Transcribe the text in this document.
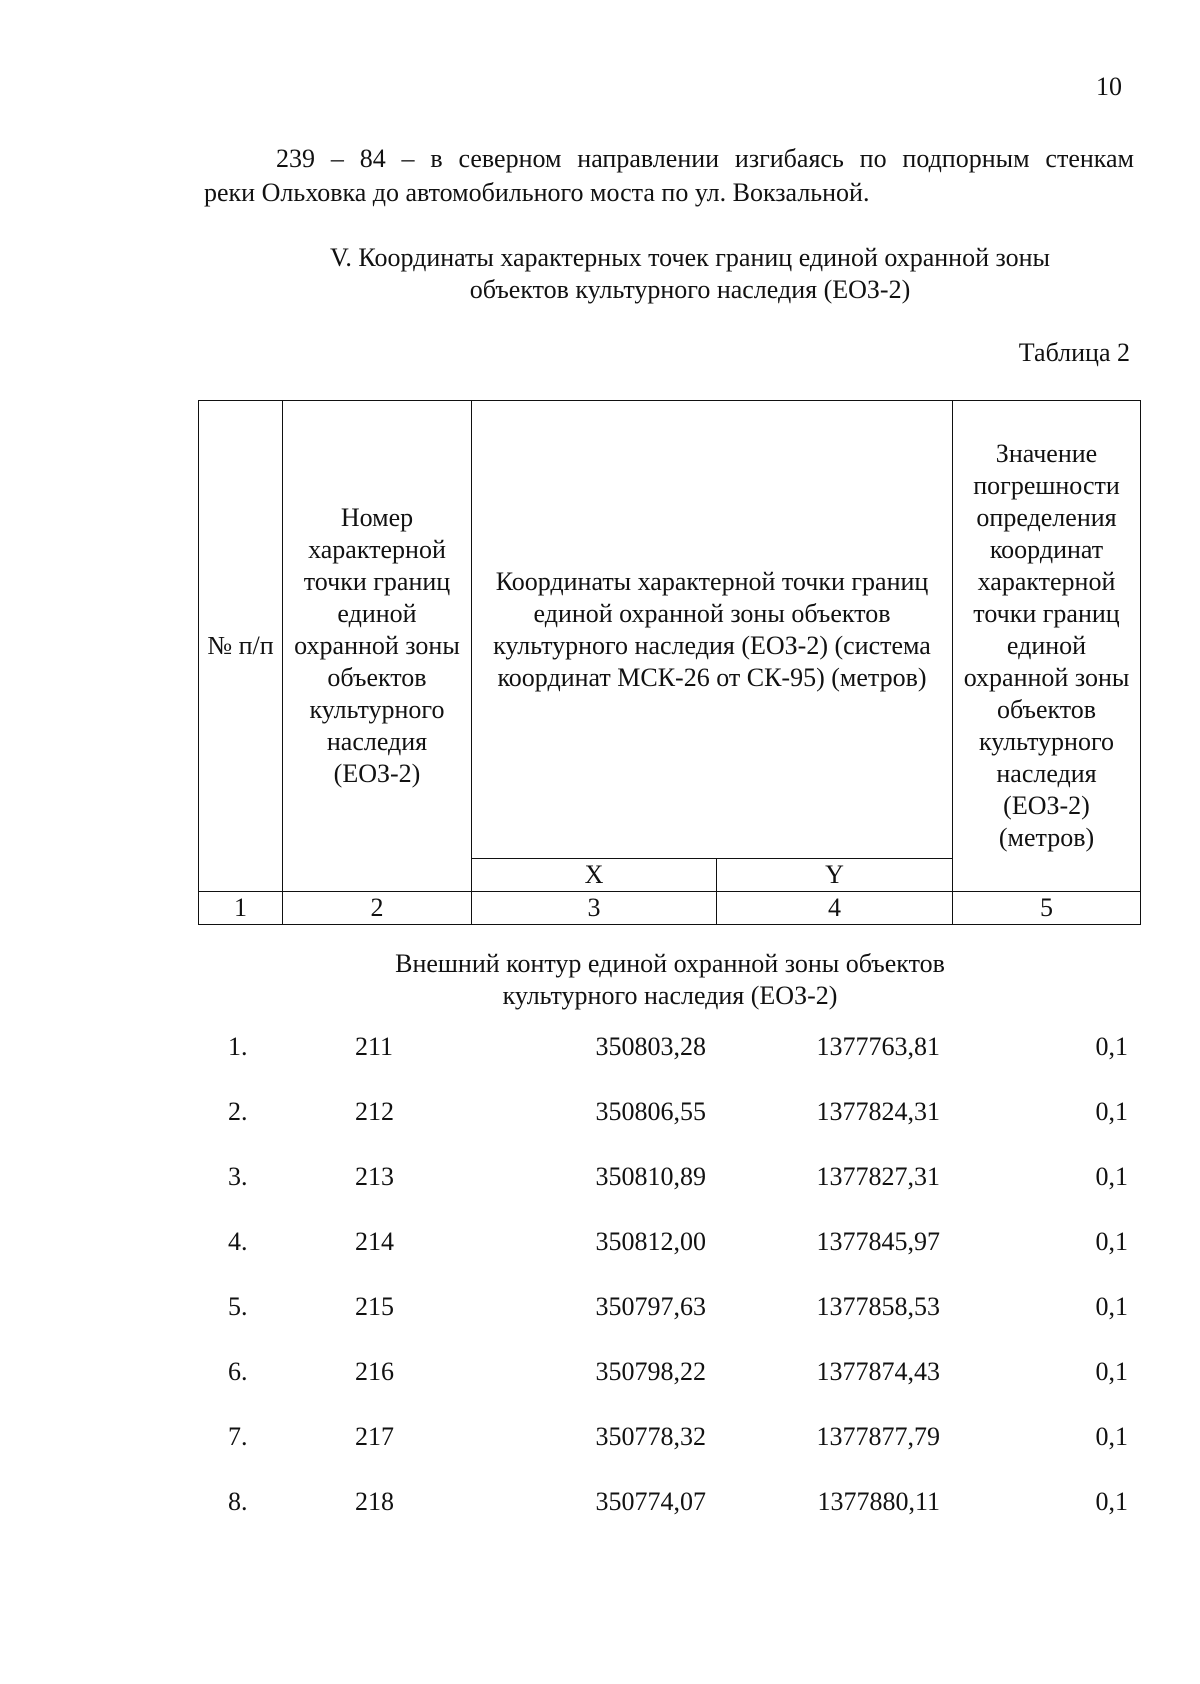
10
239 – 84 – в северном направлении изгибаясь по подпорным стенкам
реки Ольховка до автомобильного моста по ул. Вокзальной.
V. Координаты характерных точек границ единой охранной зоны
объектов культурного наследия (ЕОЗ-2)
Таблица 2
№ п/п	Номер характерной точки границ единой охранной зоны объектов культурного наследия (ЕОЗ-2)	Координаты характерной точки границ единой охранной зоны объектов культурного наследия (ЕОЗ-2) (система координат МСК-26 от СК-95) (метров)		Значение погрешности определения координат характерной точки границ единой охранной зоны объектов культурного наследия (ЕОЗ-2) (метров)
		X	Y	
1	2	3	4	5
Внешний контур единой охранной зоны объектов
культурного наследия (ЕОЗ-2)
1.	211	350803,28	1377763,81	0,1
2.	212	350806,55	1377824,31	0,1
3.	213	350810,89	1377827,31	0,1
4.	214	350812,00	1377845,97	0,1
5.	215	350797,63	1377858,53	0,1
6.	216	350798,22	1377874,43	0,1
7.	217	350778,32	1377877,79	0,1
8.	218	350774,07	1377880,11	0,1
